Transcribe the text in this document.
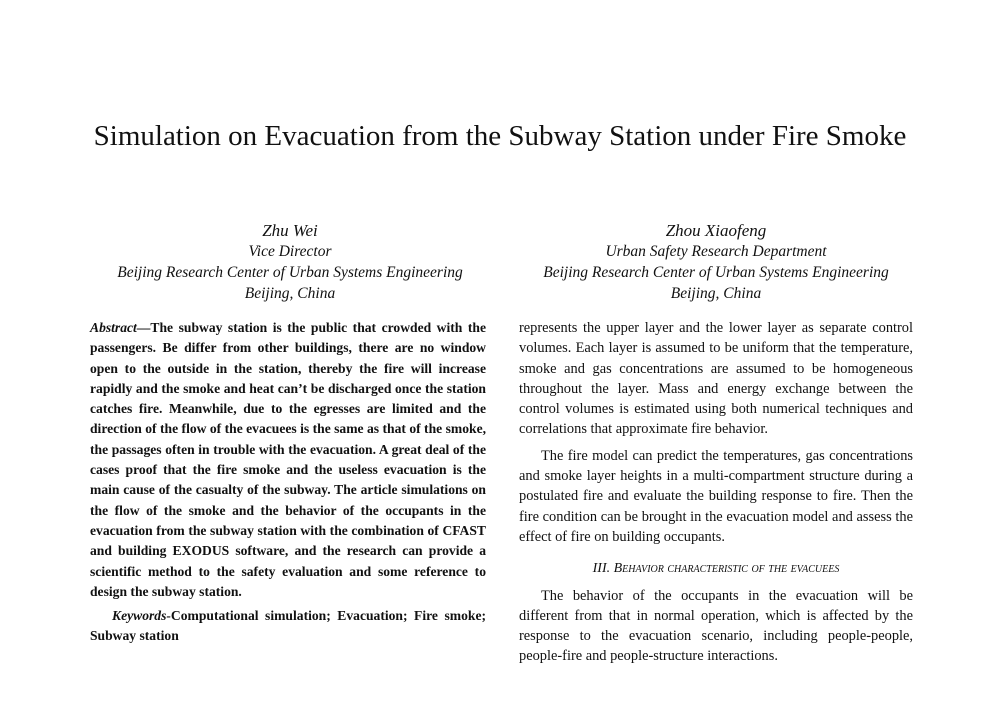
Simulation on Evacuation from the Subway Station under Fire Smoke
Zhu Wei
Vice Director
Beijing Research Center of Urban Systems Engineering
Beijing, China
Zhou Xiaofeng
Urban Safety Research Department
Beijing Research Center of Urban Systems Engineering
Beijing, China

Abstract—The subway station is the public that crowded with the passengers. Be differ from other buildings, there are no window open to the outside in the station, thereby the fire will increase rapidly and the smoke and heat can’t be discharged once the station catches fire. Meanwhile, due to the egresses are limited and the direction of the flow of the evacuees is the same as that of the smoke, the passages often in trouble with the evacuation. A great deal of the cases proof that the fire smoke and the useless evacuation is the main cause of the casualty of the subway. The article simulations on the flow of the smoke and the behavior of the occupants in the evacuation from the subway station with the combination of CFAST and building EXODUS software, and the research can provide a scientific method to the safety evaluation and some reference to design the subway station.

Keywords-Computational simulation; Evacuation; Fire smoke; Subway station

represents the upper layer and the lower layer as separate control volumes. Each layer is assumed to be uniform that the temperature, smoke and gas concentrations are assumed to be homogeneous throughout the layer. Mass and energy exchange between the control volumes is estimated using both numerical techniques and correlations that approximate fire behavior.

The fire model can predict the temperatures, gas concentrations and smoke layer heights in a multi-compartment structure during a postulated fire and evaluate the building response to fire. Then the fire condition can be brought in the evacuation model and assess the effect of fire on building occupants.

III. Behavior characteristic of the evacuees

The behavior of the occupants in the evacuation will be different from that in normal operation, which is affected by the response to the evacuation scenario, including people-people, people-fire and people-structure interactions.
